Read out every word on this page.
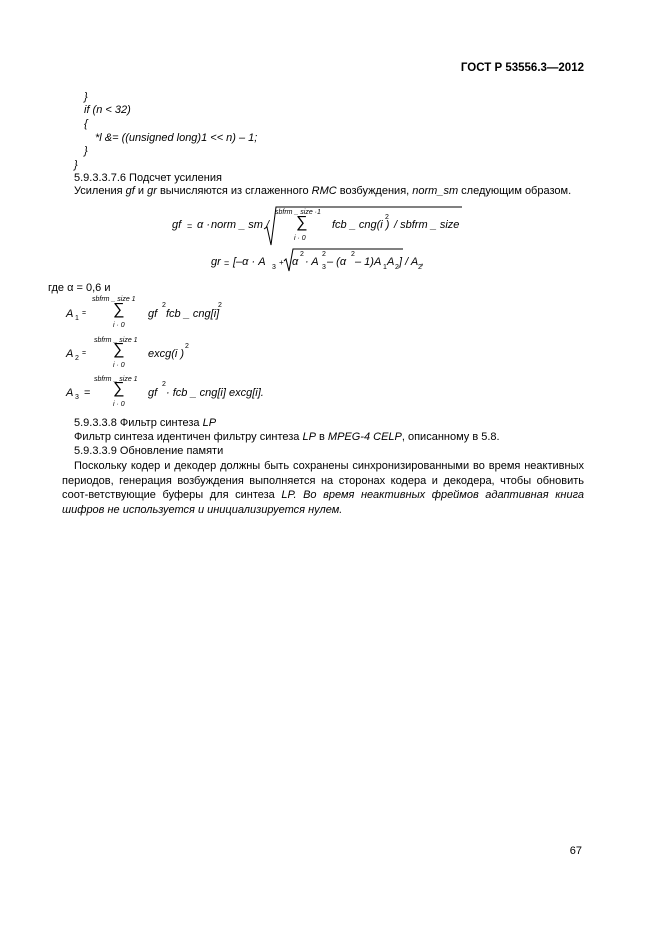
ГОСТ Р 53556.3—2012
}
if (n < 32)
{
*l &= ((unsigned long)1 << n) – 1;
}
}
5.9.3.3.7.6 Подсчет усиления
Усиления gf и gr вычисляются из сглаженного RMC возбуждения, norm_sm следующим образом.
gf = α · norm _ sm /
sbfrm _ size ·1
∑
i · 0
fcb _ cng(i )
2
/ sbfrm _ size
gr = [–α · A 3
+ α
2
· A 3
2
– (α
2
– 1)A 1 A 2 ] / A 2 ,
где α = 0,6 и
A 1
=
sbfrm _ size 1
∑
i · 0
gf
2
fcb _ cng[i]
2
A 2
=
sbfrm _ size 1
∑
i · 0
excg(i )
2
A 3 =
sbfrm _ size 1
∑
i · 0
gf
2
· fcb _ cng[i] excg[i].
5.9.3.3.8 Фильтр синтеза LP
Фильтр синтеза идентичен фильтру синтеза LP в MPEG-4 CELP, описанному в 5.8.
5.9.3.3.9 Обновление памяти
Поскольку кодер и декодер должны быть сохранены синхронизированными во время неактивных периодов, генерация возбуждения выполняется на сторонах кодера и декодера, чтобы обновить соот-ветствующие буферы для синтеза LP. Во время неактивных фреймов адаптивная книга шифров не используется и инициализируется нулем.
67
